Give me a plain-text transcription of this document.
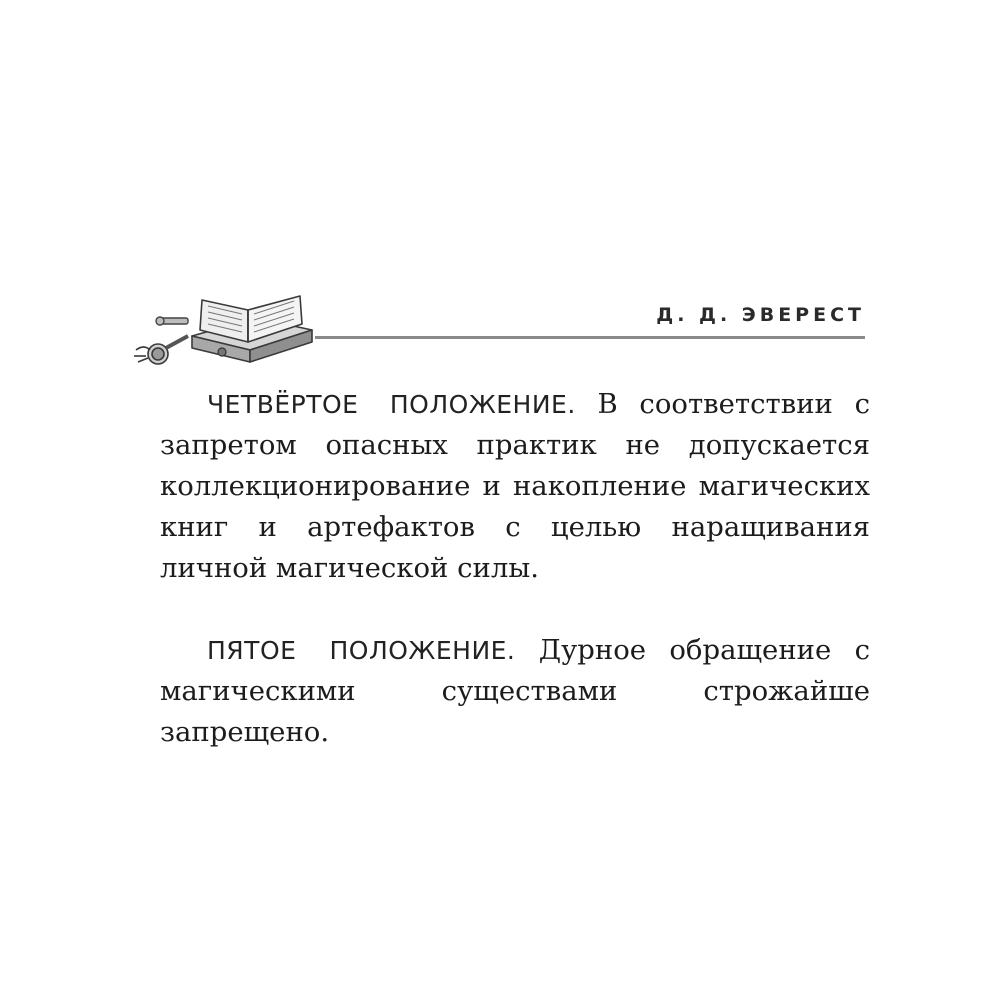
Д. Д. ЭВЕРЕСТ

ЧЕТВЁРТОЕ ПОЛОЖЕНИЕ. В соответствии с запретом опасных практик не допускается коллекционирование и накопление магических книг и артефактов с целью наращивания личной магической силы.

ПЯТОЕ ПОЛОЖЕНИЕ. Дурное обращение с магическими существами строжайше запрещено.
